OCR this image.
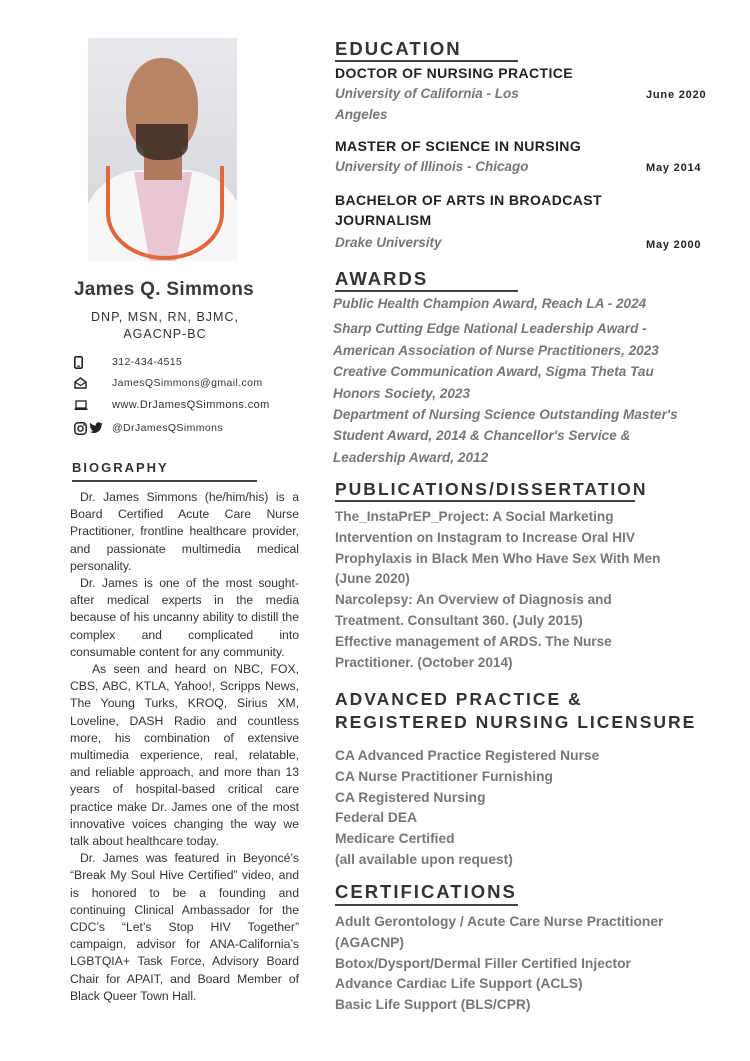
James Q. Simmons
DNP, MSN, RN, BJMC,
AGACNP-BC
312-434-4515
JamesQSimmons@gmail.com
www.DrJamesQSimmons.com
@DrJamesQSimmons
BIOGRAPHY

Dr. James Simmons (he/him/his) is a Board Certified Acute Care Nurse Practitioner, frontline healthcare provider, and passionate multimedia medical personality.

Dr. James is one of the most sought-after medical experts in the media because of his uncanny ability to distill the complex and complicated into consumable content for any community.

As seen and heard on NBC, FOX, CBS, ABC, KTLA, Yahoo!, Scripps News, The Young Turks, KROQ, Sirius XM, Loveline, DASH Radio and countless more, his combination of extensive multimedia experience, real, relatable, and reliable approach, and more than 13 years of hospital-based critical care practice make Dr. James one of the most innovative voices changing the way we talk about healthcare today.

Dr. James was featured in Beyoncé’s “Break My Soul Hive Certified” video, and is honored to be a founding and continuing Clinical Ambassador for the CDC’s “Let’s Stop HIV Together” campaign, advisor for ANA-California’s LGBTQIA+ Task Force, Advisory Board Chair for APAIT, and Board Member of Black Queer Town Hall.

EDUCATION
DOCTOR OF NURSING PRACTICE
University of California - Los
Angeles
June 2020
MASTER OF SCIENCE IN NURSING
University of Illinois - Chicago	May 2014
BACHELOR OF ARTS IN BROADCAST
JOURNALISM
Drake University	May 2000
AWARDS
Public Health Champion Award, Reach LA - 2024
Sharp Cutting Edge National Leadership Award -
American Association of Nurse Practitioners, 2023
Creative Communication Award, Sigma Theta Tau
Honors Society, 2023
Department of Nursing Science Outstanding Master's
Student Award, 2014 & Chancellor's Service &
Leadership Award, 2012
PUBLICATIONS/DISSERTATION
The_InstaPrEP_Project: A Social Marketing
Intervention on Instagram to Increase Oral HIV
Prophylaxis in Black Men Who Have Sex With Men
(June 2020)
Narcolepsy: An Overview of Diagnosis and
Treatment. Consultant 360. (July 2015)
Effective management of ARDS. The Nurse
Practitioner. (October 2014)
ADVANCED PRACTICE &
REGISTERED NURSING LICENSURE
CA Advanced Practice Registered Nurse
CA Nurse Practitioner Furnishing
CA Registered Nursing
Federal DEA
Medicare Certified
(all available upon request)
CERTIFICATIONS
Adult Gerontology / Acute Care Nurse Practitioner
(AGACNP)
Botox/Dysport/Dermal Filler Certified Injector
Advance Cardiac Life Support (ACLS)
Basic Life Support (BLS/CPR)
